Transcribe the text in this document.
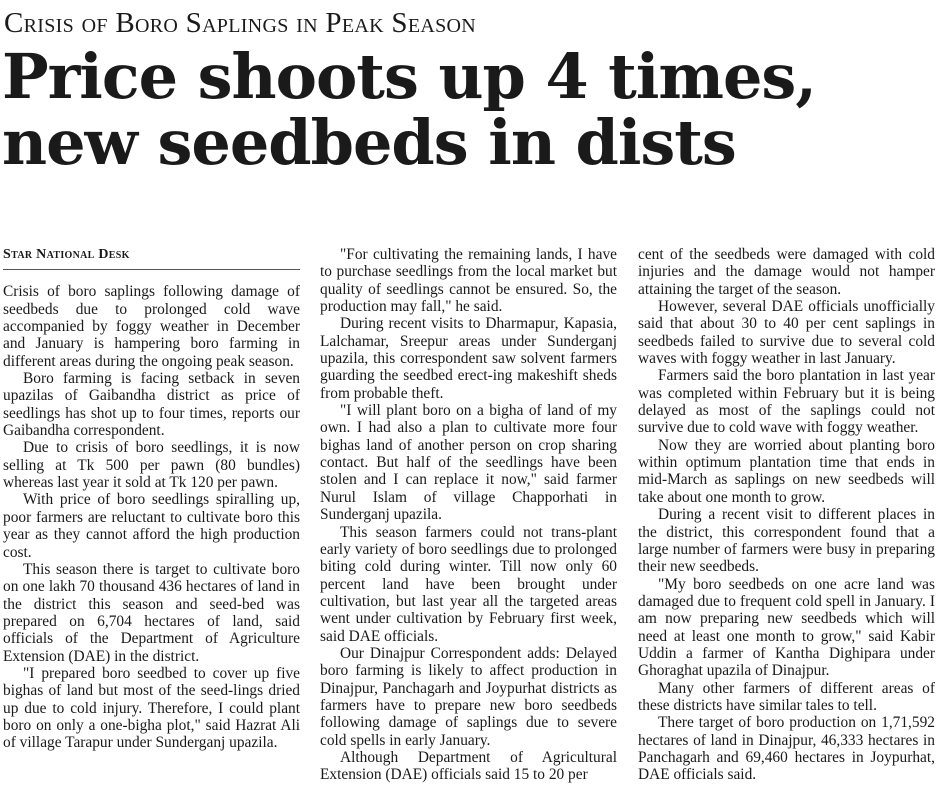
Crisis of Boro Saplings in Peak Season
Price shoots up 4 times,
new seedbeds in dists
Star National Desk

Crisis of boro saplings following damage of seedbeds due to prolonged cold wave accompanied by foggy weather in December and January is hampering boro farming in different areas during the ongoing peak season.

Boro farming is facing setback in seven upazilas of Gaibandha district as price of seedlings has shot up to four times, reports our Gaibandha correspondent.

Due to crisis of boro seedlings, it is now selling at Tk 500 per pawn (80 bundles) whereas last year it sold at Tk 120 per pawn.

With price of boro seedlings spiralling up, poor farmers are reluctant to cultivate boro this year as they cannot afford the high production cost.

This season there is target to cultivate boro on one lakh 70 thousand 436 hectares of land in the district this season and seed-bed was prepared on 6,704 hectares of land, said officials of the Department of Agriculture Extension (DAE) in the district.

"I prepared boro seedbed to cover up five bighas of land but most of the seed-lings dried up due to cold injury. Therefore, I could plant boro on only a one-bigha plot," said Hazrat Ali of village Tarapur under Sunderganj upazila.

"For cultivating the remaining lands, I have to purchase seedlings from the local market but quality of seedlings cannot be ensured. So, the production may fall," he said.

During recent visits to Dharmapur, Kapasia, Lalchamar, Sreepur areas under Sunderganj upazila, this correspondent saw solvent farmers guarding the seedbed erect-ing makeshift sheds from probable theft.

"I will plant boro on a bigha of land of my own. I had also a plan to cultivate more four bighas land of another person on crop sharing contact. But half of the seedlings have been stolen and I can replace it now," said farmer Nurul Islam of village Chapporhati in Sunderganj upazila.

This season farmers could not trans-plant early variety of boro seedlings due to prolonged biting cold during winter. Till now only 60 percent land have been brought under cultivation, but last year all the targeted areas went under cultivation by February first week, said DAE officials.

Our Dinajpur Correspondent adds: Delayed boro farming is likely to affect production in Dinajpur, Panchagarh and Joypurhat districts as farmers have to prepare new boro seedbeds following damage of saplings due to severe cold spells in early January.

Although Department of Agricultural Extension (DAE) officials said 15 to 20 per

cent of the seedbeds were damaged with cold injuries and the damage would not hamper attaining the target of the season.

However, several DAE officials unofficially said that about 30 to 40 per cent saplings in seedbeds failed to survive due to several cold waves with foggy weather in last January.

Farmers said the boro plantation in last year was completed within February but it is being delayed as most of the saplings could not survive due to cold wave with foggy weather.

Now they are worried about planting boro within optimum plantation time that ends in mid-March as saplings on new seedbeds will take about one month to grow.

During a recent visit to different places in the district, this correspondent found that a large number of farmers were busy in preparing their new seedbeds.

"My boro seedbeds on one acre land was damaged due to frequent cold spell in January. I am now preparing new seedbeds which will need at least one month to grow," said Kabir Uddin a farmer of Kantha Dighipara under Ghoraghat upazila of Dinajpur.

Many other farmers of different areas of these districts have similar tales to tell.

There target of boro production on 1,71,592 hectares of land in Dinajpur, 46,333 hectares in Panchagarh and 69,460 hectares in Joypurhat, DAE officials said.
